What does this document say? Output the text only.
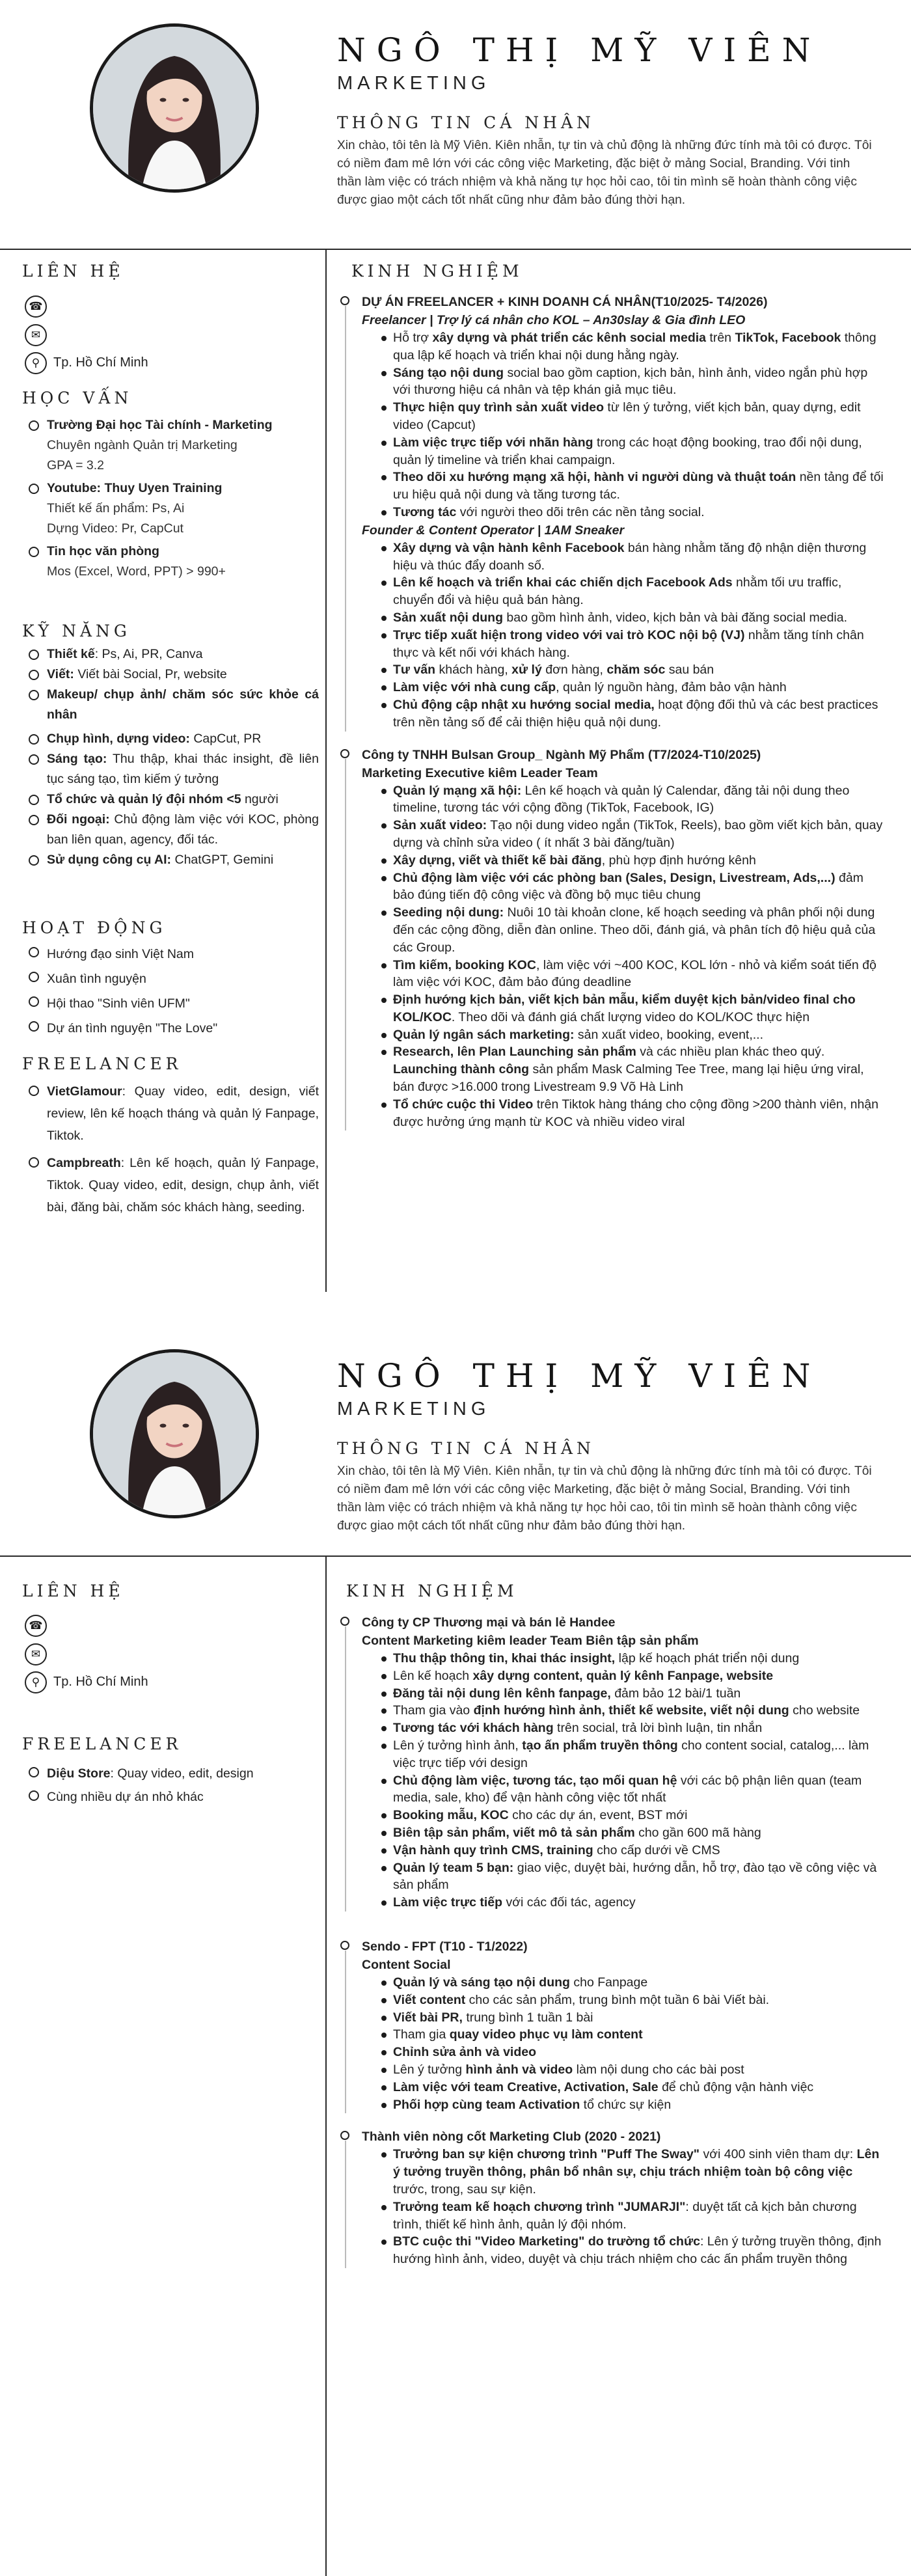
NGÔ THỊ MỸ VIÊN
MARKETING
THÔNG TIN CÁ NHÂN
Xin chào, tôi tên là Mỹ Viên. Kiên nhẫn, tự tin và chủ động là những đức tính mà tôi có được. Tôi có niềm đam mê lớn với các công việc Marketing, đặc biệt ở mảng Social, Branding. Với tinh thần làm việc có trách nhiệm và khả năng tự học hỏi cao, tôi tin mình sẽ hoàn thành công việc được giao một cách tốt nhất cũng như đảm bảo đúng thời hạn.
LIÊN HỆ
☎
✉
⚲	Tp. Hồ Chí Minh
HỌC VẤN
Trường Đại học Tài chính - Marketing
Chuyên ngành Quản trị Marketing
GPA = 3.2
Youtube: Thuy Uyen Training
Thiết kế ấn phẩm: Ps, Ai
Dựng Video: Pr, CapCut
Tin học văn phòng
Mos (Excel, Word, PPT) > 990+
KỸ NĂNG
Thiết kế: Ps, Ai, PR, Canva
Viết: Viết bài Social, Pr, website
Makeup/ chụp ảnh/ chăm sóc sức khỏe cá nhân
Chụp hình, dựng video: CapCut, PR
Sáng tạo: Thu thập, khai thác insight, đề liên tục sáng tạo, tìm kiếm ý tưởng
Tổ chức và quản lý đội nhóm <5 người
Đối ngoại: Chủ động làm việc với KOC, phòng ban liên quan, agency, đối tác.
Sử dụng công cụ AI: ChatGPT, Gemini
HOẠT ĐỘNG
Hướng đạo sinh Việt Nam
Xuân tình nguyện
Hội thao "Sinh viên UFM"
Dự án tình nguyện "The Love"
FREELANCER
VietGlamour: Quay video, edit, design, viết review, lên kế hoạch tháng và quản lý Fanpage, Tiktok.
Campbreath: Lên kế hoạch, quản lý Fanpage, Tiktok. Quay video, edit, design, chụp ảnh, viết bài, đăng bài, chăm sóc khách hàng, seeding.
KINH NGHIỆM
DỰ ÁN FREELANCER + KINH DOANH CÁ NHÂN(T10/2025- T4/2026)
Freelancer | Trợ lý cá nhân cho KOL – An30slay & Gia đình LEO
Hỗ trợ xây dựng và phát triển các kênh social media trên TikTok, Facebook thông qua lập kế hoạch và triển khai nội dung hằng ngày.
Sáng tạo nội dung social bao gồm caption, kịch bản, hình ảnh, video ngắn phù hợp với thương hiệu cá nhân và tệp khán giả mục tiêu.
Thực hiện quy trình sản xuất video từ lên ý tưởng, viết kịch bản, quay dựng, edit video (Capcut)
Làm việc trực tiếp với nhãn hàng trong các hoạt động booking, trao đổi nội dung, quản lý timeline và triển khai campaign.
Theo dõi xu hướng mạng xã hội, hành vi người dùng và thuật toán nền tảng để tối ưu hiệu quả nội dung và tăng tương tác.
Tương tác với người theo dõi trên các nền tảng social.
Founder & Content Operator | 1AM Sneaker
Xây dựng và vận hành kênh Facebook bán hàng nhằm tăng độ nhận diện thương hiệu và thúc đẩy doanh số.
Lên kế hoạch và triển khai các chiến dịch Facebook Ads nhằm tối ưu traffic, chuyển đổi và hiệu quả bán hàng.
Sản xuất nội dung bao gồm hình ảnh, video, kịch bản và bài đăng social media.
Trực tiếp xuất hiện trong video với vai trò KOC nội bộ (VJ) nhằm tăng tính chân thực và kết nối với khách hàng.
Tư vấn khách hàng, xử lý đơn hàng, chăm sóc sau bán
Làm việc với nhà cung cấp, quản lý nguồn hàng, đảm bảo vận hành
Chủ động cập nhật xu hướng social media, hoạt động đối thủ và các best practices trên nền tảng số để cải thiện hiệu quả nội dung.
Công ty TNHH Bulsan Group_ Ngành Mỹ Phẩm (T7/2024-T10/2025)
Marketing Executive kiêm Leader Team
Quản lý mạng xã hội: Lên kế hoạch và quản lý Calendar, đăng tải nội dung theo timeline, tương tác với cộng đồng (TikTok, Facebook, IG)
Sản xuất video: Tạo nội dung video ngắn (TikTok, Reels), bao gồm viết kịch bản, quay dựng và chỉnh sửa video ( ít nhất 3 bài đăng/tuần)
Xây dựng, viết và thiết kế bài đăng, phù hợp định hướng kênh
Chủ động làm việc với các phòng ban (Sales, Design, Livestream, Ads,...) đảm bảo đúng tiến độ công việc và đồng bộ mục tiêu chung
Seeding nội dung: Nuôi 10 tài khoản clone, kế hoạch seeding và phân phối nội dung đến các cộng đồng, diễn đàn online. Theo dõi, đánh giá, và phân tích độ hiệu quả của các Group.
Tìm kiếm, booking KOC, làm việc với ~400 KOC, KOL lớn - nhỏ và kiểm soát tiến độ làm việc với KOC, đảm bảo đúng deadline
Định hướng kịch bản, viết kịch bản mẫu, kiểm duyệt kịch bản/video final cho KOL/KOC. Theo dõi và đánh giá chất lượng video do KOL/KOC thực hiện
Quản lý ngân sách marketing: sản xuất video, booking, event,...
Research, lên Plan Launching sản phẩm và các nhiều plan khác theo quý. Launching thành công sản phẩm Mask Calming Tee Tree, mang lại hiệu ứng viral, bán được >16.000 trong Livestream 9.9 Võ Hà Linh
Tổ chức cuộc thi Video trên Tiktok hàng tháng cho cộng đồng >200 thành viên, nhận được hưởng ứng mạnh từ KOC và nhiều video viral
NGÔ THỊ MỸ VIÊN
MARKETING
THÔNG TIN CÁ NHÂN
Xin chào, tôi tên là Mỹ Viên. Kiên nhẫn, tự tin và chủ động là những đức tính mà tôi có được. Tôi có niềm đam mê lớn với các công việc Marketing, đặc biệt ở mảng Social, Branding. Với tinh thần làm việc có trách nhiệm và khả năng tự học hỏi cao, tôi tin mình sẽ hoàn thành công việc được giao một cách tốt nhất cũng như đảm bảo đúng thời hạn.
LIÊN HỆ
☎
✉
⚲	Tp. Hồ Chí Minh
FREELANCER
Diệu Store: Quay video, edit, design
Cùng nhiều dự án nhỏ khác
KINH NGHIỆM
Công ty CP Thương mại và bán lẻ Handee
Content Marketing kiêm leader Team Biên tập sản phẩm
Thu thập thông tin, khai thác insight, lập kế hoạch phát triển nội dung
Lên kế hoạch xây dựng content, quản lý kênh Fanpage, website
Đăng tải nội dung lên kênh fanpage, đảm bảo 12 bài/1 tuần
Tham gia vào định hướng hình ảnh, thiết kế website, viết nội dung cho website
Tương tác với khách hàng trên social, trả lời bình luận, tin nhắn
Lên ý tưởng hình ảnh, tạo ấn phẩm truyền thông cho content social, catalog,... làm việc trực tiếp với design
Chủ động làm việc, tương tác, tạo mối quan hệ với các bộ phận liên quan (team media, sale, kho) để vận hành công việc tốt nhất
Booking mẫu, KOC cho các dự án, event, BST mới
Biên tập sản phẩm, viết mô tả sản phẩm cho gần 600 mã hàng
Vận hành quy trình CMS, training cho cấp dưới về CMS
Quản lý team 5 bạn: giao việc, duyệt bài, hướng dẫn, hỗ trợ, đào tạo về công việc và sản phẩm
Làm việc trực tiếp với các đối tác, agency
Sendo - FPT (T10 - T1/2022)
Content Social
Quản lý và sáng tạo nội dung cho Fanpage
Viết content cho các sản phẩm, trung bình một tuần 6 bài Viết bài.
Viết bài PR, trung bình 1 tuần 1 bài
Tham gia quay video phục vụ làm content
Chỉnh sửa ảnh và video
Lên ý tưởng hình ảnh và video làm nội dung cho các bài post
Làm việc với team Creative, Activation, Sale để chủ động vận hành việc
Phối hợp cùng team Activation tổ chức sự kiện
Thành viên nòng cốt Marketing Club (2020 - 2021)
Trưởng ban sự kiện chương trình "Puff The Sway" với 400 sinh viên tham dự: Lên ý tưởng truyền thông, phân bổ nhân sự, chịu trách nhiệm toàn bộ công việc trước, trong, sau sự kiện.
Trưởng team kế hoạch chương trình "JUMARJI": duyệt tất cả kịch bản chương trình, thiết kế hình ảnh, quản lý đội nhóm.
BTC cuộc thi "Video Marketing" do trường tổ chức: Lên ý tưởng truyền thông, định hướng hình ảnh, video, duyệt và chịu trách nhiệm cho các ấn phẩm truyền thông
